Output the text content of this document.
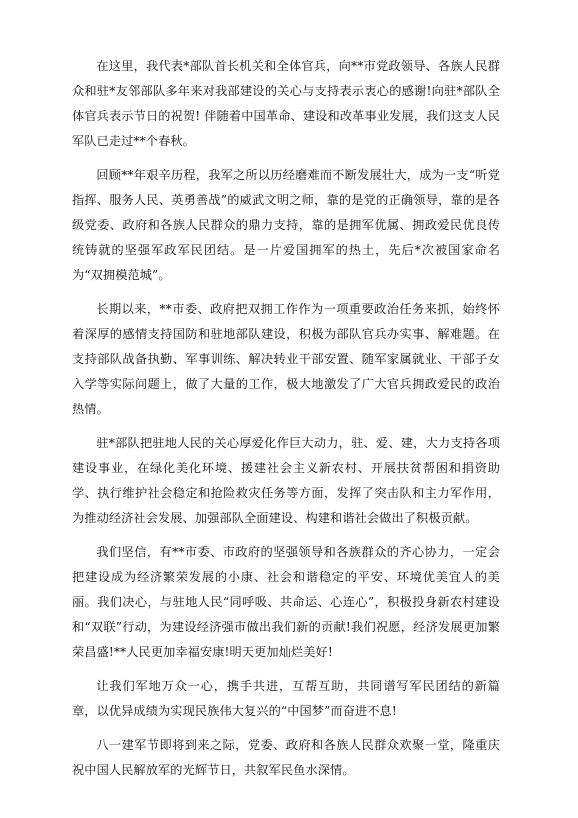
在这里，我代表*部队首长机关和全体官兵，向**市党政领导、各族人民群众和驻*友邻部队多年来对我部建设的关心与支持表示衷心的感谢!向驻*部队全体官兵表示节日的祝贺! 伴随着中国革命、建设和改革事业发展，我们这支人民军队已走过**个春秋。

回顾**年艰辛历程，我军之所以历经磨难而不断发展壮大，成为一支“听党指挥、服务人民、英勇善战”的威武文明之师，靠的是党的正确领导，靠的是各级党委、政府和各族人民群众的鼎力支持，靠的是拥军优属、拥政爱民优良传统铸就的坚强军政军民团结。是一片爱国拥军的热土，先后*次被国家命名为“双拥模范城”。

长期以来，**市委、政府把双拥工作作为一项重要政治任务来抓，始终怀着深厚的感情支持国防和驻地部队建设，积极为部队官兵办实事、解难题。在支持部队战备执勤、军事训练、解决转业干部安置、随军家属就业、干部子女入学等实际问题上，做了大量的工作，极大地激发了广大官兵拥政爱民的政治热情。

驻*部队把驻地人民的关心厚爱化作巨大动力，驻、爱、建，大力支持各项建设事业，在绿化美化环境、援建社会主义新农村、开展扶贫帮困和捐资助学、执行维护社会稳定和抢险救灾任务等方面，发挥了突击队和主力军作用，为推动经济社会发展、加强部队全面建设、构建和谐社会做出了积极贡献。

我们坚信，有**市委、市政府的坚强领导和各族群众的齐心协力，一定会把建设成为经济繁荣发展的小康、社会和谐稳定的平安、环境优美宜人的美丽。我们决心，与驻地人民“同呼吸、共命运、心连心”，积极投身新农村建设和“双联”行动，为建设经济强市做出我们新的贡献!我们祝愿，经济发展更加繁荣昌盛!**人民更加幸福安康!明天更加灿烂美好!

让我们军地万众一心，携手共进，互帮互助，共同谱写军民团结的新篇章，以优异成绩为实现民族伟大复兴的“中国梦”而奋进不息!

八一建军节即将到来之际，党委、政府和各族人民群众欢聚一堂，隆重庆祝中国人民解放军的光辉节日，共叙军民鱼水深情。
